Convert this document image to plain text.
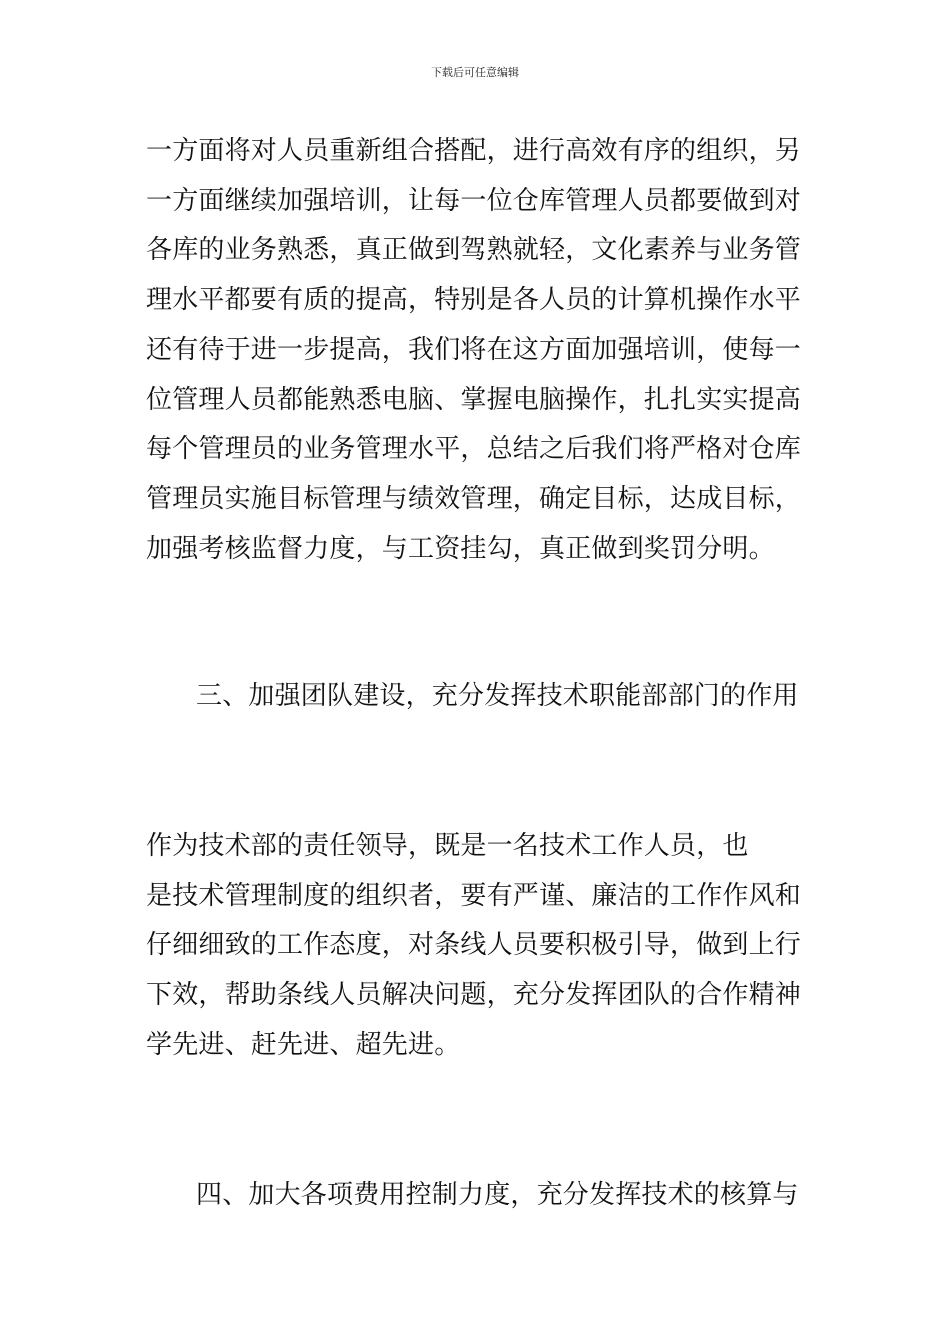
下载后可任意编辑

一方面将对人员重新组合搭配，进行高效有序的组织，另
一方面继续加强培训，让每一位仓库管理人员都要做到对
各库的业务熟悉，真正做到驾熟就轻，文化素养与业务管
理水平都要有质的提高，特别是各人员的计算机操作水平
还有待于进一步提高，我们将在这方面加强培训，使每一
位管理人员都能熟悉电脑、掌握电脑操作，扎扎实实提高
每个管理员的业务管理水平，总结之后我们将严格对仓库
管理员实施目标管理与绩效管理，确定目标，达成目标，
加强考核监督力度，与工资挂勾，真正做到奖罚分明。

三、加强团队建设，充分发挥技术职能部部门的作用

作为技术部的责任领导，既是一名技术工作人员，也
是技术管理制度的组织者，要有严谨、廉洁的工作作风和
仔细细致的工作态度，对条线人员要积极引导，做到上行
下效，帮助条线人员解决问题，充分发挥团队的合作精神
学先进、赶先进、超先进。

四、加大各项费用控制力度，充分发挥技术的核算与
